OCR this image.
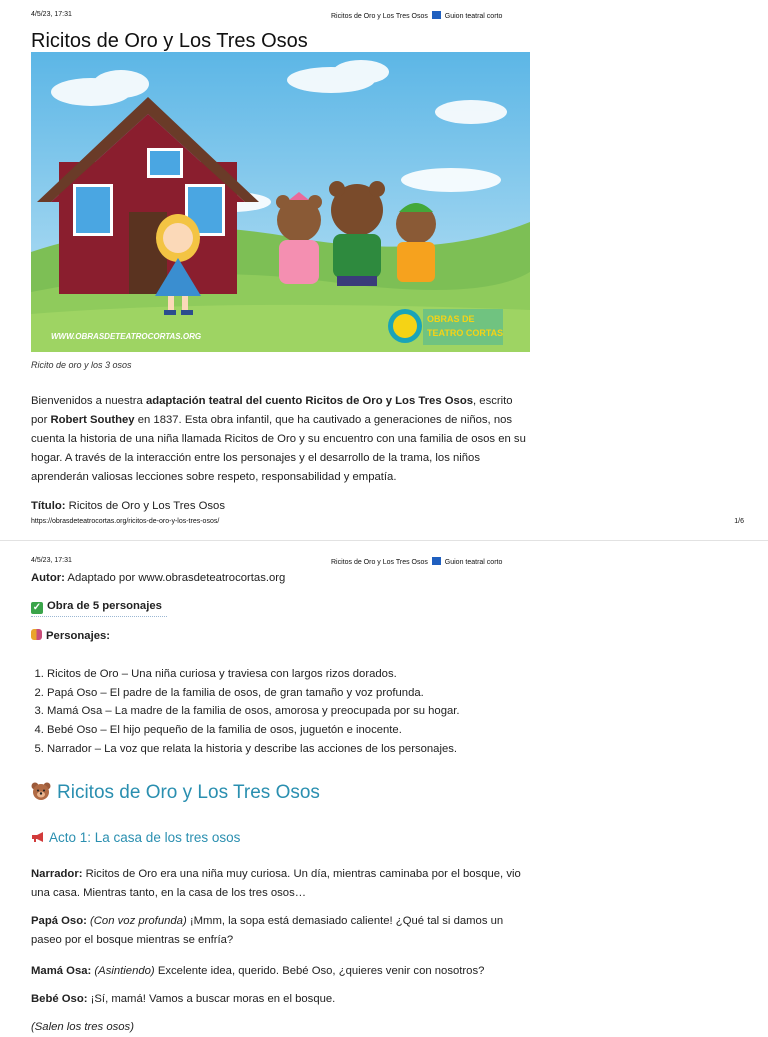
4/5/23, 17:31	Ricitos de Oro y Los Tres Osos Guion teatral corto
Ricitos de Oro y Los Tres Osos
WWW.OBRASDETEATROCORTAS.ORG
OBRAS DE
TEATRO CORTAS
Ricito de oro y los 3 osos

Bienvenidos a nuestra adaptación teatral del cuento Ricitos de Oro y Los Tres Osos, escrito por Robert Southey en 1837. Esta obra infantil, que ha cautivado a generaciones de niños, nos cuenta la historia de una niña llamada Ricitos de Oro y su encuentro con una familia de osos en su hogar. A través de la interacción entre los personajes y el desarrollo de la trama, los niños aprenderán valiosas lecciones sobre respeto, responsabilidad y empatía.

Título: Ricitos de Oro y Los Tres Osos

https://obrasdeteatrocortas.org/ricitos-de-oro-y-los-tres-osos/	1/6
4/5/23, 17:31	Ricitos de Oro y Los Tres Osos Guion teatral corto

Autor: Adaptado por www.obrasdeteatrocortas.org

✓ Obra de 5 personajes

Personajes:

1. Ricitos de Oro – Una niña curiosa y traviesa con largos rizos dorados.
2. Papá Oso – El padre de la familia de osos, de gran tamaño y voz profunda.
3. Mamá Osa – La madre de la familia de osos, amorosa y preocupada por su hogar.
4. Bebé Oso – El hijo pequeño de la familia de osos, juguetón e inocente.
5. Narrador – La voz que relata la historia y describe las acciones de los personajes.
Ricitos de Oro y Los Tres Osos
Acto 1: La casa de los tres osos

Narrador: Ricitos de Oro era una niña muy curiosa. Un día, mientras caminaba por el bosque, vio una casa. Mientras tanto, en la casa de los tres osos…

Papá Oso: (Con voz profunda) ¡Mmm, la sopa está demasiado caliente! ¿Qué tal si damos un paseo por el bosque mientras se enfría?

Mamá Osa: (Asintiendo) Excelente idea, querido. Bebé Oso, ¿quieres venir con nosotros?

Bebé Oso: ¡Sí, mamá! Vamos a buscar moras en el bosque.

(Salen los tres osos)
